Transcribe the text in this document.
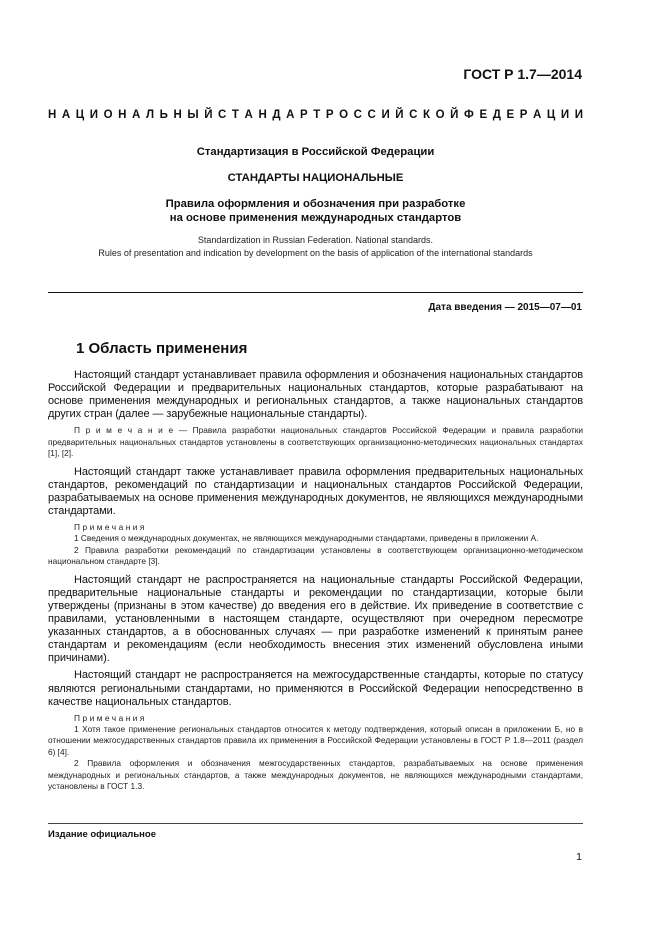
ГОСТ Р 1.7—2014
Н А Ц И О Н А Л Ь Н Ы Й С Т А Н Д А Р Т Р О С С И Й С К О Й Ф Е Д Е Р А Ц И И

Стандартизация в Российской Федерации

СТАНДАРТЫ НАЦИОНАЛЬНЫЕ

Правила оформления и обозначения при разработке
на основе применения международных стандартов

Standardization in Russian Federation. National standards.
Rules of presentation and indication by development on the basis of application of the international standards

Дата введения — 2015—07—01
1 Область применения

Настоящий стандарт устанавливает правила оформления и обозначения национальных стандартов Российской Федерации и предварительных национальных стандартов, которые разрабатывают на основе применения международных и региональных стандартов, а также национальных стандартов других стран (далее — зарубежные национальные стандарты).

П р и м е ч а н и е — Правила разработки национальных стандартов Российской Федерации и правила разработки предварительных национальных стандартов установлены в соответствующих организационно-методических национальных стандартах [1], [2].

Настоящий стандарт также устанавливает правила оформления предварительных национальных стандартов, рекомендаций по стандартизации и национальных стандартов Российской Федерации, разрабатываемых на основе применения международных документов, не являющихся международными стандартами.

Примечания

1 Сведения о международных документах, не являющихся международными стандартами, приведены в приложении А.

2 Правила разработки рекомендаций по стандартизации установлены в соответствующем организационно-методическом национальном стандарте [3].

Настоящий стандарт не распространяется на национальные стандарты Российской Федерации, предварительные национальные стандарты и рекомендации по стандартизации, которые были утверждены (признаны в этом качестве) до введения его в действие. Их приведение в соответствие с правилами, установленными в настоящем стандарте, осуществляют при очередном пересмотре указанных стандартов, а в обоснованных случаях — при разработке изменений к принятым ранее стандартам и рекомендациям (если необходимость внесения этих изменений обусловлена иными причинами).

Настоящий стандарт не распространяется на межгосударственные стандарты, которые по статусу являются региональными стандартами, но применяются в Российской Федерации непосредственно в качестве национальных стандартов.

Примечания

1 Хотя такое применение региональных стандартов относится к методу подтверждения, который описан в приложении Б, но в отношении межгосударственных стандартов правила их применения в Российской Федерации установлены в ГОСТ Р 1.8—2011 (раздел 6) [4].

2 Правила оформления и обозначения межгосударственных стандартов, разрабатываемых на основе применения международных и региональных стандартов, а также международных документов, не являющихся международными стандартами, установлены в ГОСТ 1.3.

Издание официальное
1
